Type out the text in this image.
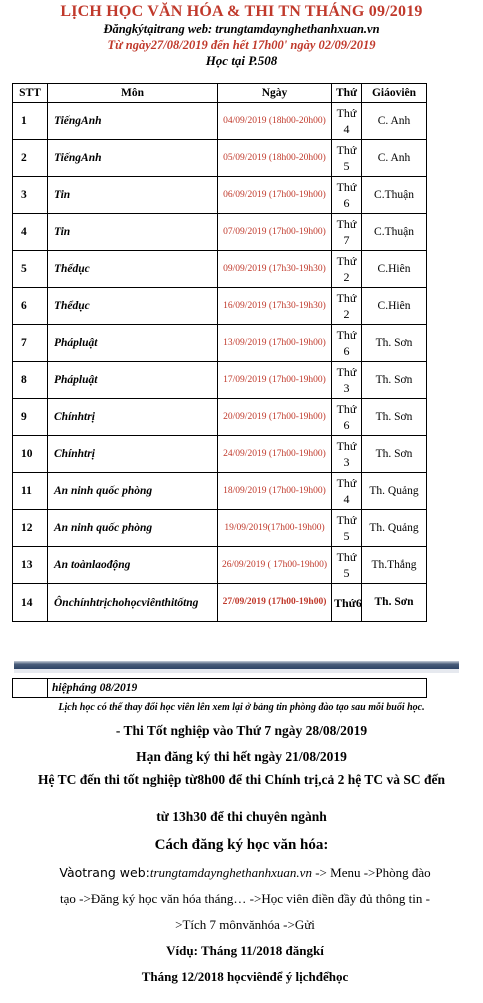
LỊCH HỌC VĂN HÓA & THI TN THÁNG 09/2019
Đăngkýtạitrang web: trungtamdaynghethanhxuan.vn
Từ ngày27/08/2019 đến hết 17h00' ngày 02/09/2019
Học tại P.508
STT	Môn	Ngày	Thứ	Giáoviên
1	TiếngAnh	04/09/2019 (18h00-20h00)	Thứ 4	C. Anh
2	TiếngAnh	05/09/2019 (18h00-20h00)	Thứ 5	C. Anh
3	Tin	06/09/2019 (17h00-19h00)	Thứ 6	C.Thuận
4	Tin	07/09/2019 (17h00-19h00)	Thứ 7	C.Thuận
5	Thểdục	09/09/2019 (17h30-19h30)	Thứ 2	C.Hiên
6	Thểdục	16/09/2019 (17h30-19h30)	Thứ 2	C.Hiên
7	Phápluật	13/09/2019 (17h00-19h00)	Thứ 6	Th. Sơn
8	Phápluật	17/09/2019 (17h00-19h00)	Thứ 3	Th. Sơn
9	Chínhtrị	20/09/2019 (17h00-19h00)	Thứ 6	Th. Sơn
10	Chínhtrị	24/09/2019 (17h00-19h00)	Thứ 3	Th. Sơn
11	An ninh quốc phòng	18/09/2019 (17h00-19h00)	Thứ 4	Th. Quảng
12	An ninh quốc phòng	19/09/2019(17h00-19h00)	Thứ 5	Th. Quảng
13	An toànlaođộng	26/09/2019 ( 17h00-19h00)	Thứ 5	Th.Thắng
14	Ônchínhtrịchohọcviênthitốtng	27/09/2019 (17h00-19h00)	Thứ6	Th. Sơn
	hiệpháng 08/2019
Lịch học có thể thay đổi học viên lên xem lại ở bảng tin phòng đào tạo sau mỗi buổi học.
- Thi Tốt nghiệp vào Thứ 7 ngày 28/08/2019
Hạn đăng ký thi hết ngày 21/08/2019
Hệ TC đến thi tốt nghiệp từ8h00 để thi Chính trị,cả 2 hệ TC và SC đến
từ 13h30 để thi chuyên ngành
Cách đăng ký học văn hóa:
Vàotrang web:trungtamdaynghethanhxuan.vn -> Menu ->Phòng đào
tạo ->Đăng ký học văn hóa tháng… ->Học viên điền đầy đủ thông tin -
>Tích 7 mônvănhóa ->Gửi
Vídụ: Tháng 11/2018 đăngkí
Tháng 12/2018 họcviênđể ý lịchđểhọc
